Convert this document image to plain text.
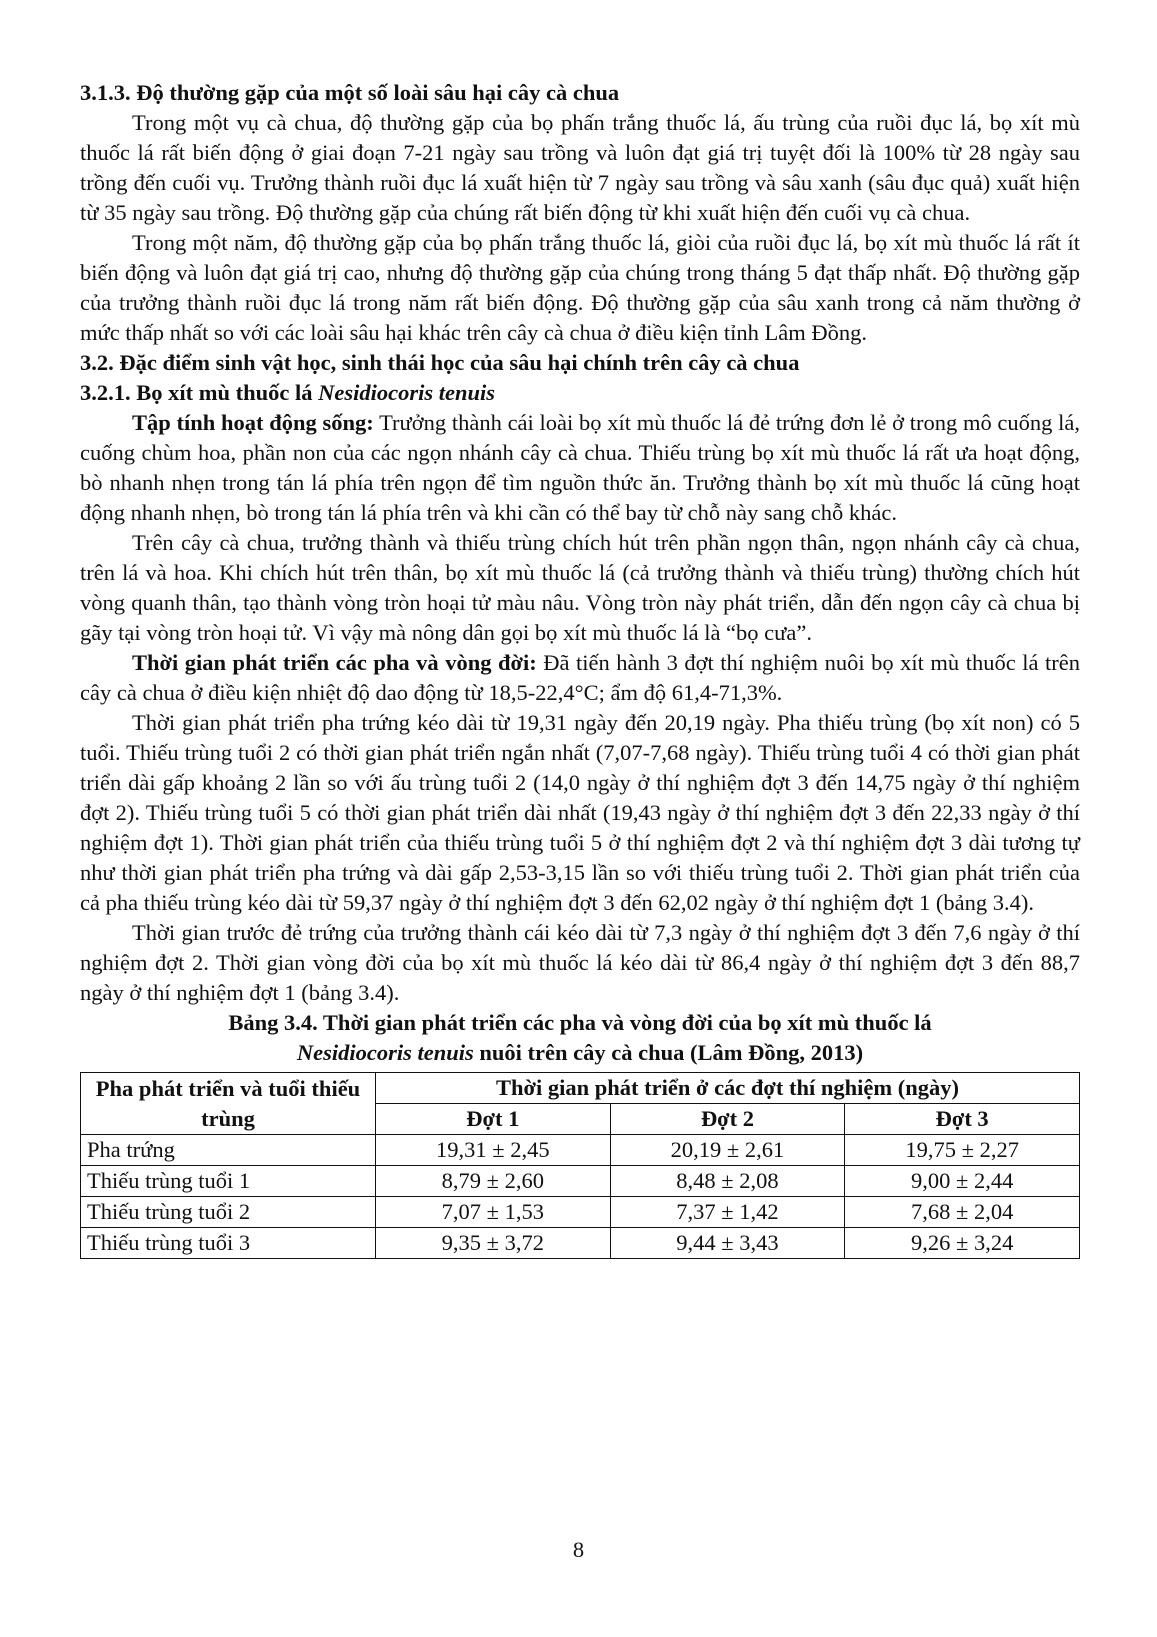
3.1.3. Độ thường gặp của một số loài sâu hại cây cà chua

Trong một vụ cà chua, độ thường gặp của bọ phấn trắng thuốc lá, ấu trùng của ruồi đục lá, bọ xít mù thuốc lá rất biến động ở giai đoạn 7-21 ngày sau trồng và luôn đạt giá trị tuyệt đối là 100% từ 28 ngày sau trồng đến cuối vụ. Trưởng thành ruồi đục lá xuất hiện từ 7 ngày sau trồng và sâu xanh (sâu đục quả) xuất hiện từ 35 ngày sau trồng. Độ thường gặp của chúng rất biến động từ khi xuất hiện đến cuối vụ cà chua.

Trong một năm, độ thường gặp của bọ phấn trắng thuốc lá, giòi của ruồi đục lá, bọ xít mù thuốc lá rất ít biến động và luôn đạt giá trị cao, nhưng độ thường gặp của chúng trong tháng 5 đạt thấp nhất. Độ thường gặp của trưởng thành ruồi đục lá trong năm rất biến động. Độ thường gặp của sâu xanh trong cả năm thường ở mức thấp nhất so với các loài sâu hại khác trên cây cà chua ở điều kiện tỉnh Lâm Đồng.

3.2. Đặc điểm sinh vật học, sinh thái học của sâu hại chính trên cây cà chua

3.2.1. Bọ xít mù thuốc lá Nesidiocoris tenuis

Tập tính hoạt động sống: Trưởng thành cái loài bọ xít mù thuốc lá đẻ trứng đơn lẻ ở trong mô cuống lá, cuống chùm hoa, phần non của các ngọn nhánh cây cà chua. Thiếu trùng bọ xít mù thuốc lá rất ưa hoạt động, bò nhanh nhẹn trong tán lá phía trên ngọn để tìm nguồn thức ăn. Trưởng thành bọ xít mù thuốc lá cũng hoạt động nhanh nhẹn, bò trong tán lá phía trên và khi cần có thể bay từ chỗ này sang chỗ khác.

Trên cây cà chua, trưởng thành và thiếu trùng chích hút trên phần ngọn thân, ngọn nhánh cây cà chua, trên lá và hoa. Khi chích hút trên thân, bọ xít mù thuốc lá (cả trưởng thành và thiếu trùng) thường chích hút vòng quanh thân, tạo thành vòng tròn hoại tử màu nâu. Vòng tròn này phát triển, dẫn đến ngọn cây cà chua bị gãy tại vòng tròn hoại tử. Vì vậy mà nông dân gọi bọ xít mù thuốc lá là “bọ cưa”.

Thời gian phát triển các pha và vòng đời: Đã tiến hành 3 đợt thí nghiệm nuôi bọ xít mù thuốc lá trên cây cà chua ở điều kiện nhiệt độ dao động từ 18,5-22,4°C; ẩm độ 61,4-71,3%.

Thời gian phát triển pha trứng kéo dài từ 19,31 ngày đến 20,19 ngày. Pha thiếu trùng (bọ xít non) có 5 tuổi. Thiếu trùng tuổi 2 có thời gian phát triển ngắn nhất (7,07-7,68 ngày). Thiếu trùng tuổi 4 có thời gian phát triển dài gấp khoảng 2 lần so với ấu trùng tuổi 2 (14,0 ngày ở thí nghiệm đợt 3 đến 14,75 ngày ở thí nghiệm đợt 2). Thiếu trùng tuổi 5 có thời gian phát triển dài nhất (19,43 ngày ở thí nghiệm đợt 3 đến 22,33 ngày ở thí nghiệm đợt 1). Thời gian phát triển của thiếu trùng tuổi 5 ở thí nghiệm đợt 2 và thí nghiệm đợt 3 dài tương tự như thời gian phát triển pha trứng và dài gấp 2,53-3,15 lần so với thiếu trùng tuổi 2. Thời gian phát triển của cả pha thiếu trùng kéo dài từ 59,37 ngày ở thí nghiệm đợt 3 đến 62,02 ngày ở thí nghiệm đợt 1 (bảng 3.4).

Thời gian trước đẻ trứng của trưởng thành cái kéo dài từ 7,3 ngày ở thí nghiệm đợt 3 đến 7,6 ngày ở thí nghiệm đợt 2. Thời gian vòng đời của bọ xít mù thuốc lá kéo dài từ 86,4 ngày ở thí nghiệm đợt 3 đến 88,7 ngày ở thí nghiệm đợt 1 (bảng 3.4).

Bảng 3.4. Thời gian phát triển các pha và vòng đời của bọ xít mù thuốc lá

Nesidiocoris tenuis nuôi trên cây cà chua (Lâm Đồng, 2013)

Pha phát triển và tuổi thiếu trùng	Thời gian phát triển ở các đợt thí nghiệm (ngày)		
	Đợt 1	Đợt 2	Đợt 3
Pha trứng	19,31 ± 2,45	20,19 ± 2,61	19,75 ± 2,27
Thiếu trùng tuổi 1	8,79 ± 2,60	8,48 ± 2,08	9,00 ± 2,44
Thiếu trùng tuổi 2	7,07 ± 1,53	7,37 ± 1,42	7,68 ± 2,04
Thiếu trùng tuổi 3	9,35 ± 3,72	9,44 ± 3,43	9,26 ± 3,24
8
